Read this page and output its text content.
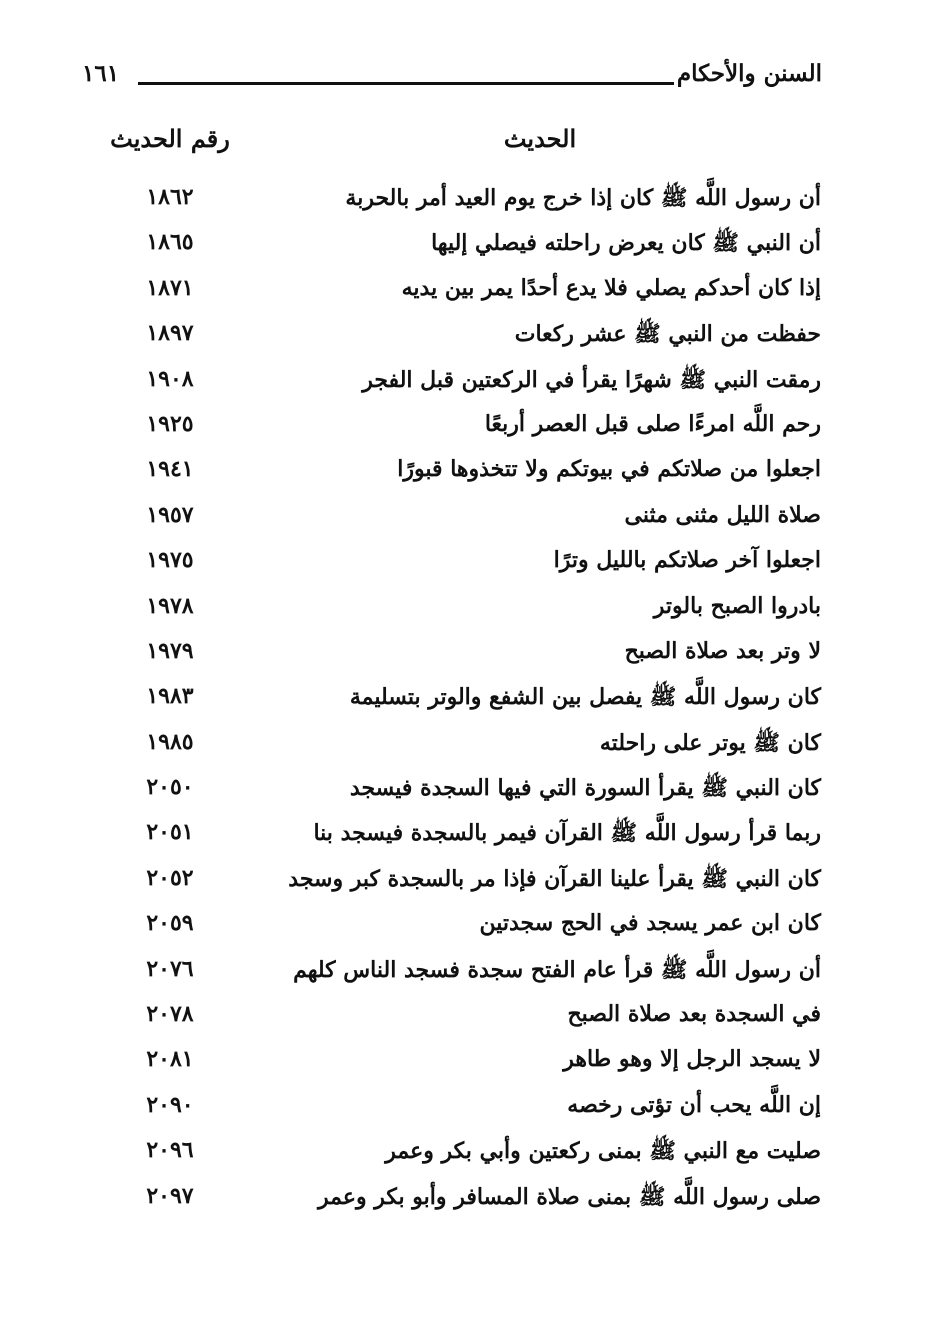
السنن والأحكام
١٦١
الحديث
رقم الحديث
أن رسول اللَّه ﷺ كان إذا خرج يوم العيد أمر بالحربة
١٨٦٢
أن النبي ﷺ كان يعرض راحلته فيصلي إليها
١٨٦٥
إذا كان أحدكم يصلي فلا يدع أحدًا يمر بين يديه
١٨٧١
حفظت من النبي ﷺ عشر ركعات
١٨٩٧
رمقت النبي ﷺ شهرًا يقرأ في الركعتين قبل الفجر
١٩٠٨
رحم اللَّه امرءًا صلى قبل العصر أربعًا
١٩٢٥
اجعلوا من صلاتكم في بيوتكم ولا تتخذوها قبورًا
١٩٤١
صلاة الليل مثنى مثنى
١٩٥٧
اجعلوا آخر صلاتكم بالليل وترًا
١٩٧٥
بادروا الصبح بالوتر
١٩٧٨
لا وتر بعد صلاة الصبح
١٩٧٩
كان رسول اللَّه ﷺ يفصل بين الشفع والوتر بتسليمة
١٩٨٣
كان ﷺ يوتر على راحلته
١٩٨٥
كان النبي ﷺ يقرأ السورة التي فيها السجدة فيسجد
٢٠٥٠
ربما قرأ رسول اللَّه ﷺ القرآن فيمر بالسجدة فيسجد بنا
٢٠٥١
كان النبي ﷺ يقرأ علينا القرآن فإذا مر بالسجدة كبر وسجد
٢٠٥٢
كان ابن عمر يسجد في الحج سجدتين
٢٠٥٩
أن رسول اللَّه ﷺ قرأ عام الفتح سجدة فسجد الناس كلهم
٢٠٧٦
في السجدة بعد صلاة الصبح
٢٠٧٨
لا يسجد الرجل إلا وهو طاهر
٢٠٨١
إن اللَّه يحب أن تؤتى رخصه
٢٠٩٠
صليت مع النبي ﷺ بمنى ركعتين وأبي بكر وعمر
٢٠٩٦
صلى رسول اللَّه ﷺ بمنى صلاة المسافر وأبو بكر وعمر
٢٠٩٧
